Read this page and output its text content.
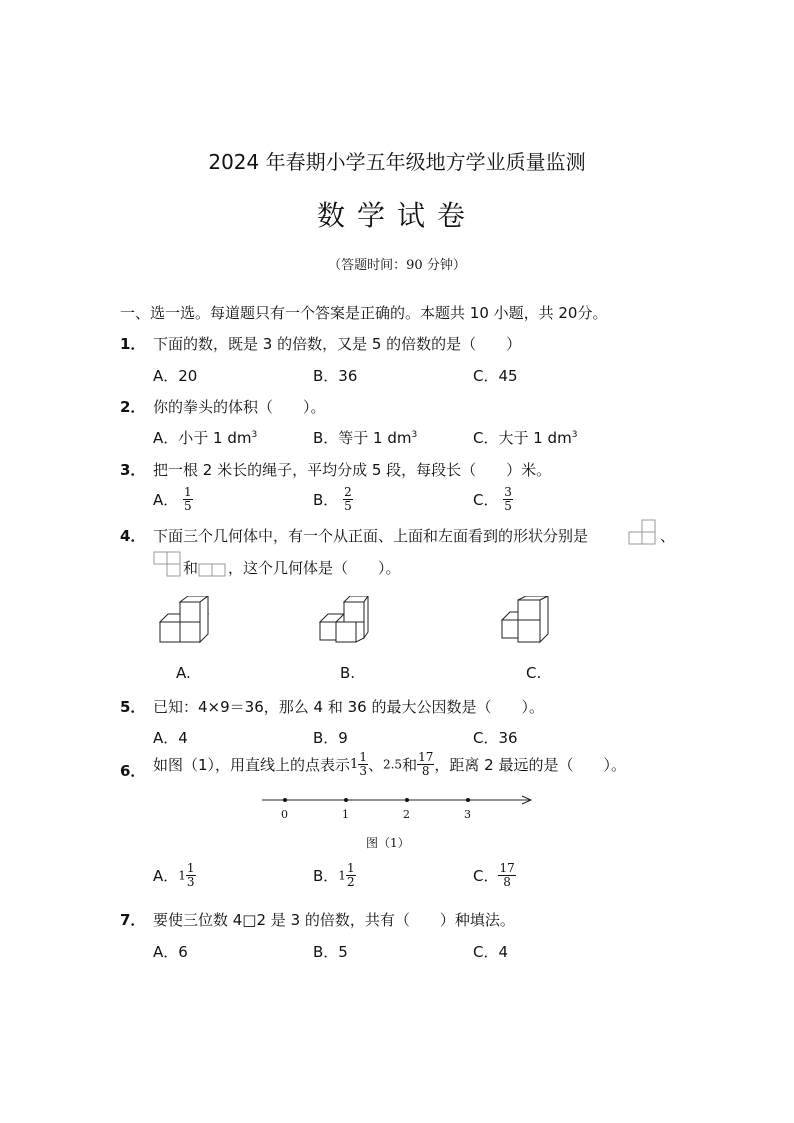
2024 年春期小学五年级地方学业质量监测
数学试卷
（答题时间：90 分钟）
一、选一选。每道题只有一个答案是正确的。本题共 10 小题，共 20分。
1． 下面的数，既是 3 的倍数，又是 5 的倍数的是（　　）
A．20	B．36	C．45
2． 你的拳头的体积（　　）。
A．小于 1 $dm^3$	B．等于 1 $dm^3$	C．大于 1 $dm^3$
3． 把一根 2 米长的绳子，平均分成 5 段，每段长（　　）米。
A． $\frac{1}{5}$	B． $\frac{2}{5}$	C． $\frac{3}{5}$
4． 下面三个几何体中，有一个从正面、上面和左面看到的形状分别是	、
和 ，这个几何体是（　　）。
A.	B.	C.
5． 已知：4×9＝36，那么 4 和 36 的最大公因数是（　　）。
A．4	B．9	C．36
6． 如图（1），用直线上的点表示$1 \frac{1}{3}$ 、2.5和 $\frac{17}{8}$ ，距离 2 最远的是（　　）。
0	1	2	3
图（1）
A．$1 \frac{1}{3}$	B．$1 \frac{1}{2}$	C． $\frac{17}{8}$
7． 要使三位数 4□2 是 3 的倍数，共有（　　）种填法。
A．6	B．5	C．4
